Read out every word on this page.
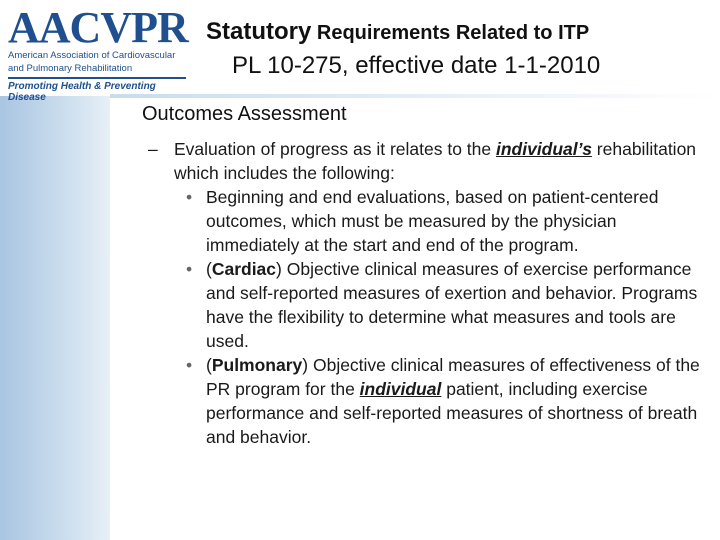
AACVPR
American Association of Cardiovascular
and Pulmonary Rehabilitation
Promoting Health & Preventing Disease
Statutory Requirements Related to ITP
PL 10-275, effective date 1-1-2010
Outcomes Assessment
– Evaluation of progress as it relates to the individual’s rehabilitation which includes the following:
• Beginning and end evaluations, based on patient-centered outcomes, which must be measured by the physician immediately at the start and end of the program.
• (Cardiac) Objective clinical measures of exercise performance and self-reported measures of exertion and behavior. Programs have the flexibility to determine what measures and tools are used.
• (Pulmonary) Objective clinical measures of effectiveness of the PR program for the individual patient, including exercise performance and self-reported measures of shortness of breath and behavior.
